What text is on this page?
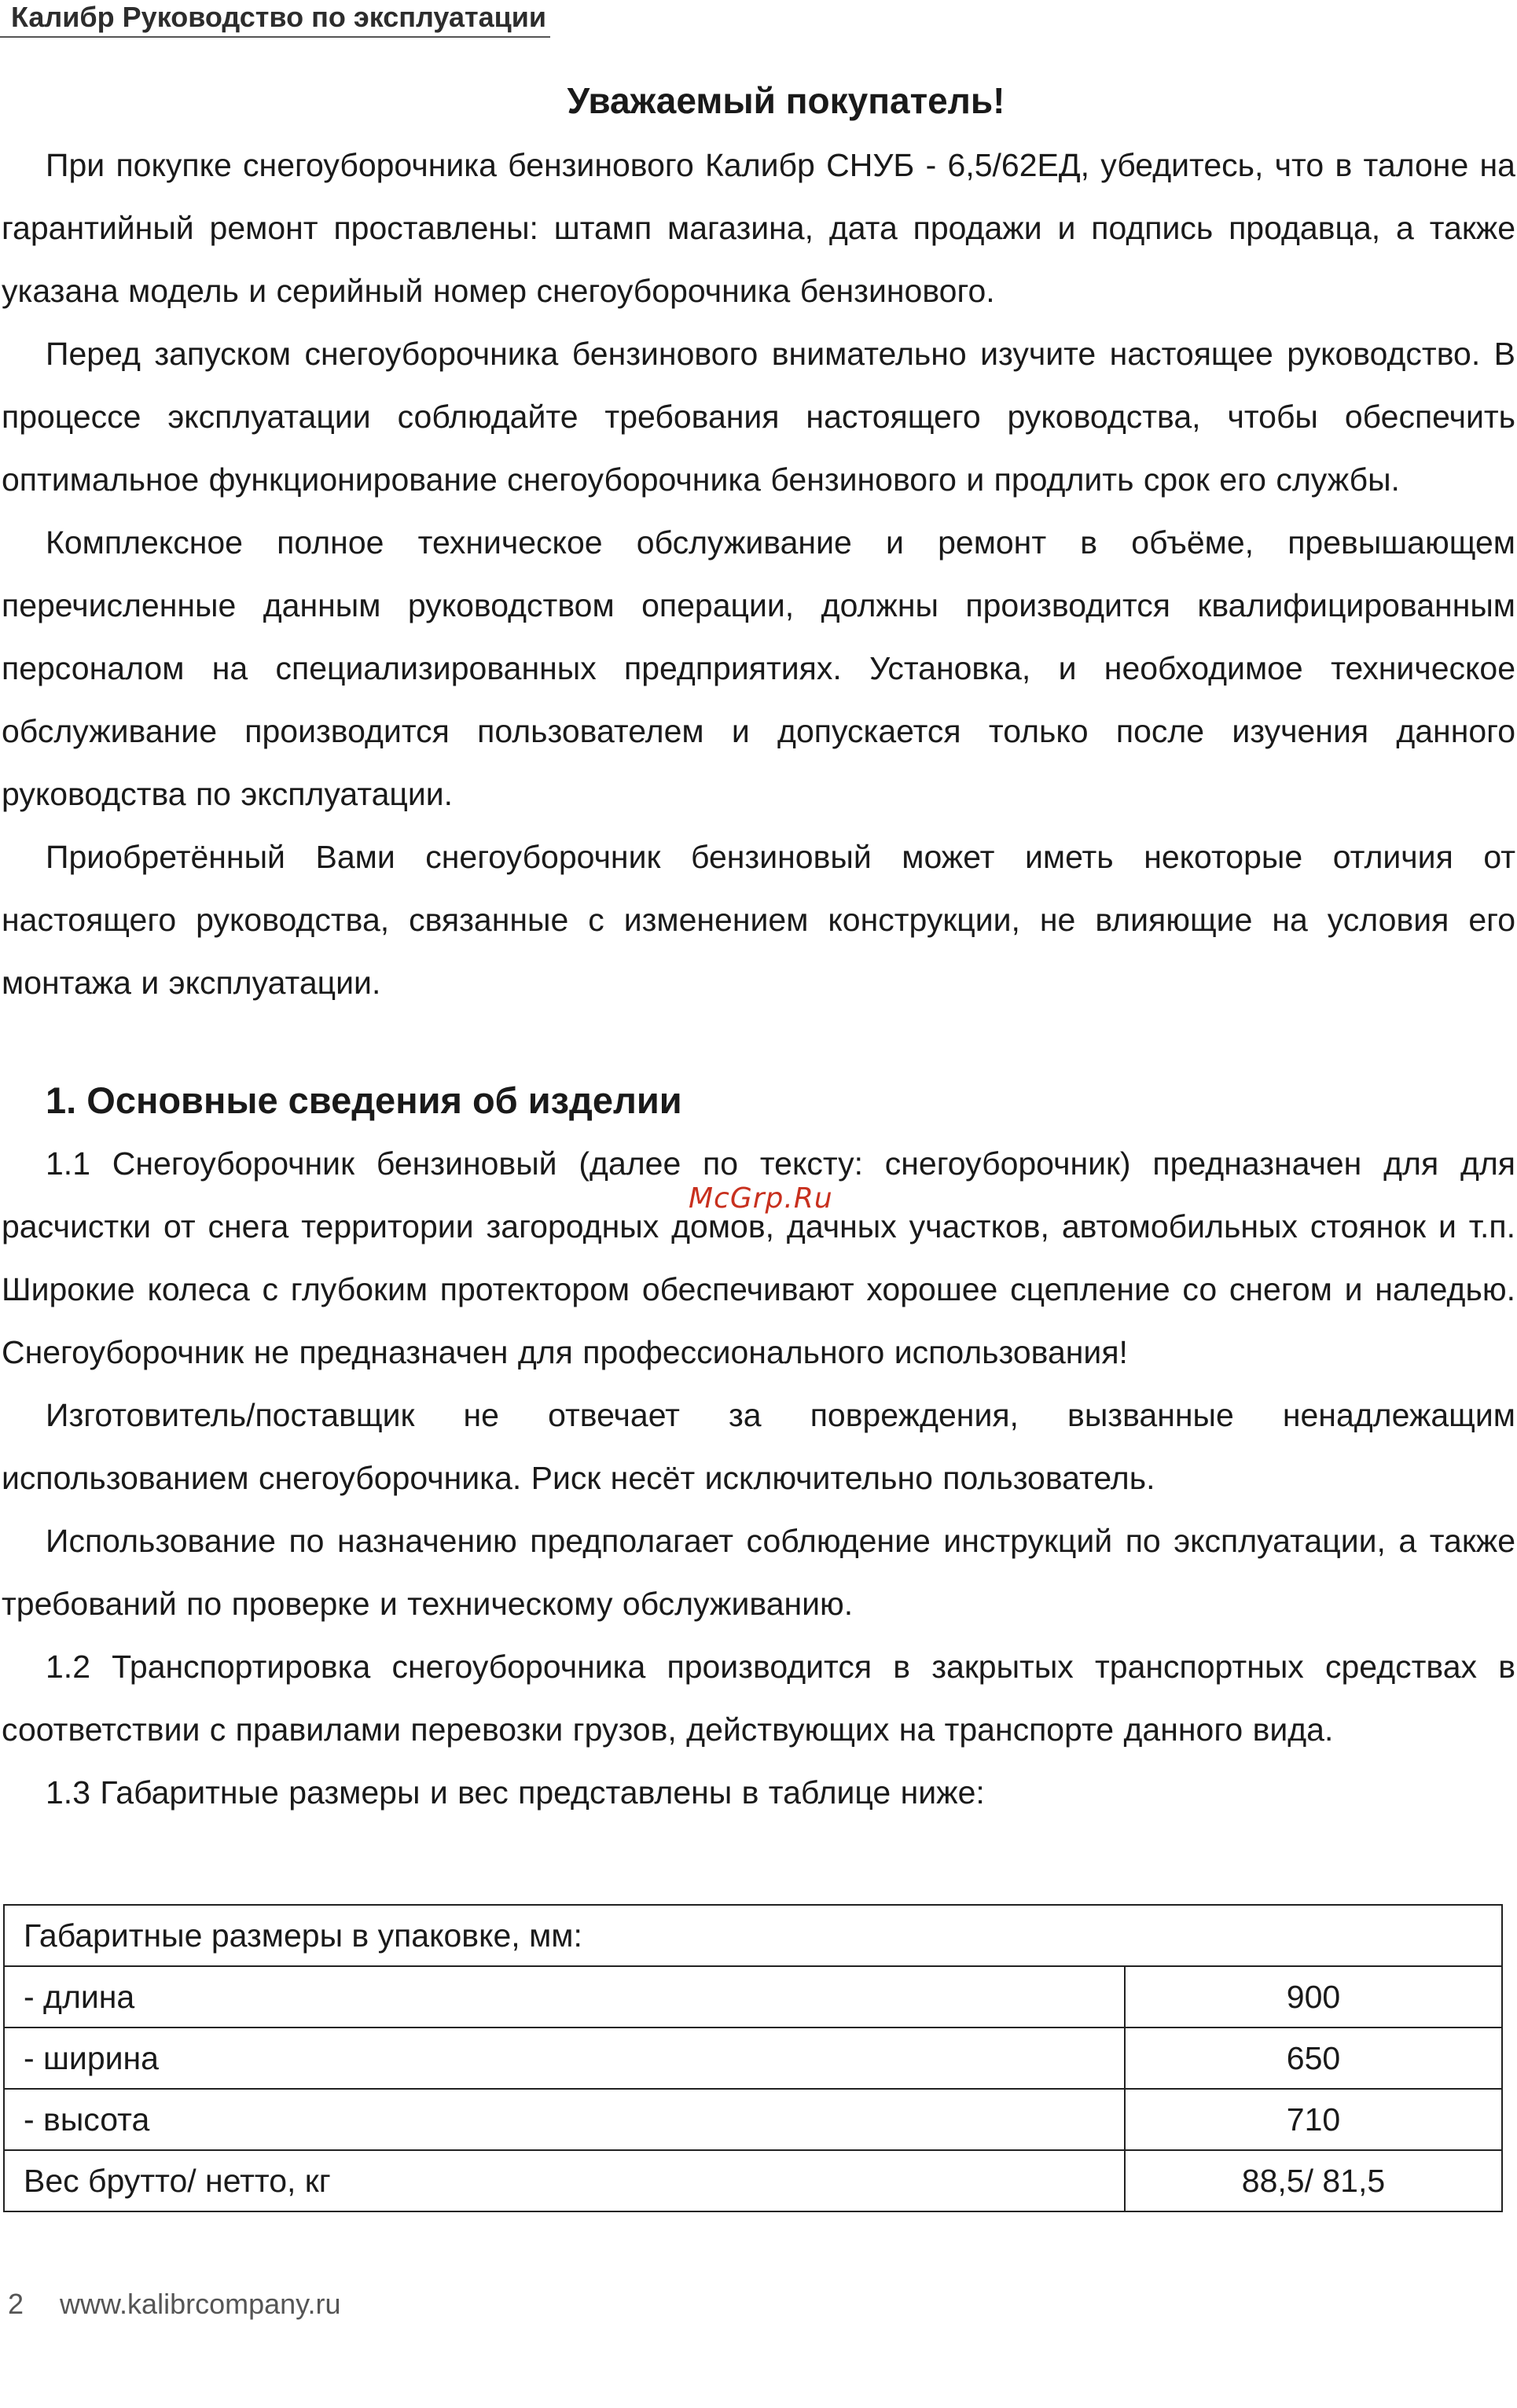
Калибр Руководство по эксплуатации
Уважаемый покупатель!

При покупке снегоуборочника бензинового Калибр СНУБ - 6,5/62ЕД, убедитесь, что в талоне на гарантийный ремонт проставлены: штамп магазина, дата продажи и подпись продавца, а также указана модель и серийный номер снегоуборочника бензинового.

Перед запуском снегоуборочника бензинового внимательно изучите настоящее руководство. В процессе эксплуатации соблюдайте требования настоящего руководства, чтобы обеспечить оптимальное функционирование снегоуборочника бензинового и продлить срок его службы.

Комплексное полное техническое обслуживание и ремонт в объёме, превышающем перечисленные данным руководством операции, должны производится квалифицированным персоналом на специализированных предприятиях. Установка, и необходимое техническое обслуживание производится пользователем и допускается только после изучения данного руководства по эксплуатации.

Приобретённый Вами снегоуборочник бензиновый может иметь некоторые отличия от настоящего руководства, связанные с изменением конструкции, не влияющие на условия его монтажа и эксплуатации.

1. Основные сведения об изделии

1.1 Снегоуборочник бензиновый (далее по тексту: снегоуборочник) предназначен для для расчистки от снега территории загородных домов, дачных участков, автомобильных стоянок и т.п. Широкие колеса с глубоким протектором обеспечивают хорошее сцепление со снегом и наледью. Снегоуборочник не предназначен для профессионального использования!

Изготовитель/поставщик не отвечает за повреждения, вызванные ненадлежащим использованием снегоуборочника. Риск несёт исключительно пользователь.

Использование по назначению предполагает соблюдение инструкций по эксплуатации, а также требований по проверке и техническому обслуживанию.

1.2 Транспортировка снегоуборочника производится в закрытых транспортных средствах в соответствии с правилами перевозки грузов, действующих на транспорте данного вида.

1.3 Габаритные размеры и вес представлены в таблице ниже:

McGrp.Ru
Габаритные размеры в упаковке, мм:	
- длина	900
- ширина	650
- высота	710
Вес брутто/ нетто, кг	88,5/ 81,5
2 www.kalibrcompany.ru
